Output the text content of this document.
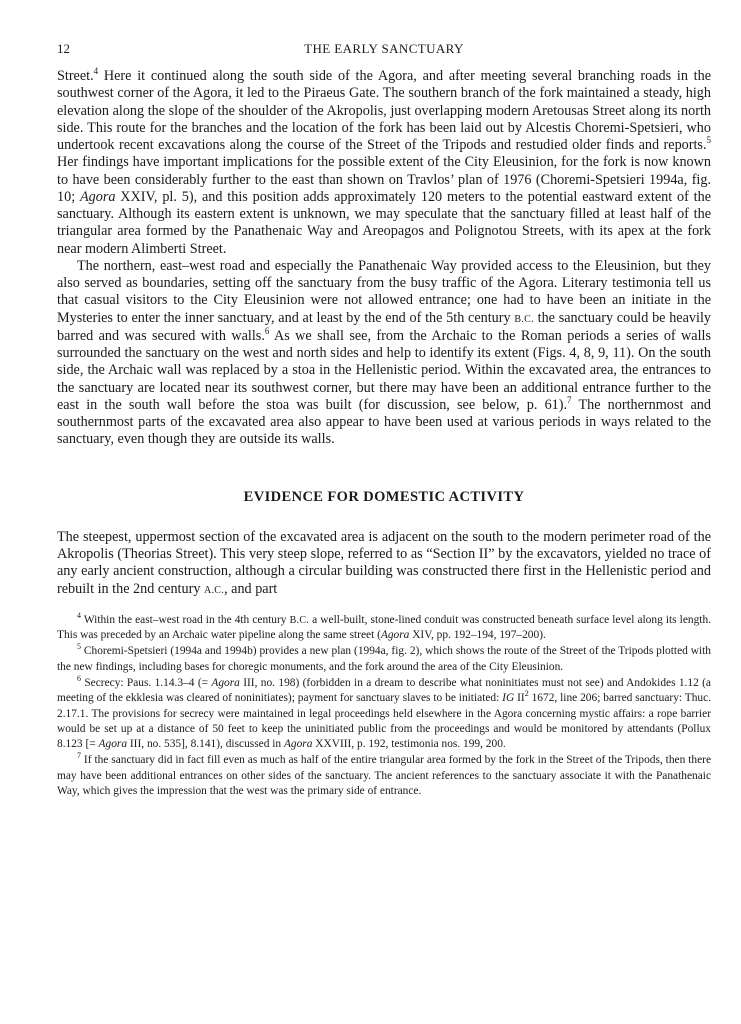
12	THE EARLY SANCTUARY

Street.$^4$ Here it continued along the south side of the Agora, and after meeting several branching roads in the southwest corner of the Agora, it led to the Piraeus Gate. The southern branch of the fork maintained a steady, high elevation along the slope of the shoulder of the Akropolis, just overlapping modern Aretousas Street along its north side. This route for the branches and the location of the fork has been laid out by Alcestis Choremi-Spetsieri, who undertook recent excavations along the course of the Street of the Tripods and restudied older finds and reports.$^5$ Her findings have important implications for the possible extent of the City Eleusinion, for the fork is now known to have been considerably further to the east than shown on Travlos’ plan of 1976 (Choremi-Spetsieri 1994a, fig. 10; Agora XXIV, pl. 5), and this position adds approximately 120 meters to the potential eastward extent of the sanctuary. Although its eastern extent is unknown, we may speculate that the sanctuary filled at least half of the triangular area formed by the Panathenaic Way and Areopagos and Polignotou Streets, with its apex at the fork near modern Alimberti Street.

The northern, east–west road and especially the Panathenaic Way provided access to the Eleusinion, but they also served as boundaries, setting off the sanctuary from the busy traffic of the Agora. Literary testimonia tell us that casual visitors to the City Eleusinion were not allowed entrance; one had to have been an initiate in the Mysteries to enter the inner sanctuary, and at least by the end of the 5th century B.C. the sanctuary could be heavily barred and was secured with walls.$^6$ As we shall see, from the Archaic to the Roman periods a series of walls surrounded the sanctuary on the west and north sides and help to identify its extent (Figs. 4, 8, 9, 11). On the south side, the Archaic wall was replaced by a stoa in the Hellenistic period. Within the excavated area, the entrances to the sanctuary are located near its southwest corner, but there may have been an additional entrance further to the east in the south wall before the stoa was built (for discussion, see below, p. 61).$^7$ The northernmost and southernmost parts of the excavated area also appear to have been used at various periods in ways related to the sanctuary, even though they are outside its walls.

EVIDENCE FOR DOMESTIC ACTIVITY

The steepest, uppermost section of the excavated area is adjacent on the south to the modern perimeter road of the Akropolis (Theorias Street). This very steep slope, referred to as “Section ΙΙ” by the excavators, yielded no trace of any early ancient construction, although a circular building was constructed there first in the Hellenistic period and rebuilt in the 2nd century A.C., and part

$^4$ Within the east–west road in the 4th century B.C. a well-built, stone-lined conduit was constructed beneath surface level along its length. This was preceded by an Archaic water pipeline along the same street (Agora XIV, pp. 192–194, 197–200).

$^5$ Choremi-Spetsieri (1994a and 1994b) provides a new plan (1994a, fig. 2), which shows the route of the Street of the Tripods plotted with the new findings, including bases for choregic monuments, and the fork around the area of the City Eleusinion.

$^6$ Secrecy: Paus. 1.14.3–4 (= Agora III, no. 198) (forbidden in a dream to describe what noninitiates must not see) and Andokides 1.12 (a meeting of the ekklesia was cleared of noninitiates); payment for sanctuary slaves to be initiated: IG $II^2$ 1672, line 206; barred sanctuary: Thuc. 2.17.1. The provisions for secrecy were maintained in legal proceedings held elsewhere in the Agora concerning mystic affairs: a rope barrier would be set up at a distance of 50 feet to keep the uninitiated public from the proceedings and would be monitored by attendants (Pollux 8.123 [= Agora III, no. 535], 8.141), discussed in Agora XXVIII, p. 192, testimonia nos. 199, 200.

$^7$ If the sanctuary did in fact fill even as much as half of the entire triangular area formed by the fork in the Street of the Tripods, then there may have been additional entrances on other sides of the sanctuary. The ancient references to the sanctuary associate it with the Panathenaic Way, which gives the impression that the west was the primary side of entrance.
